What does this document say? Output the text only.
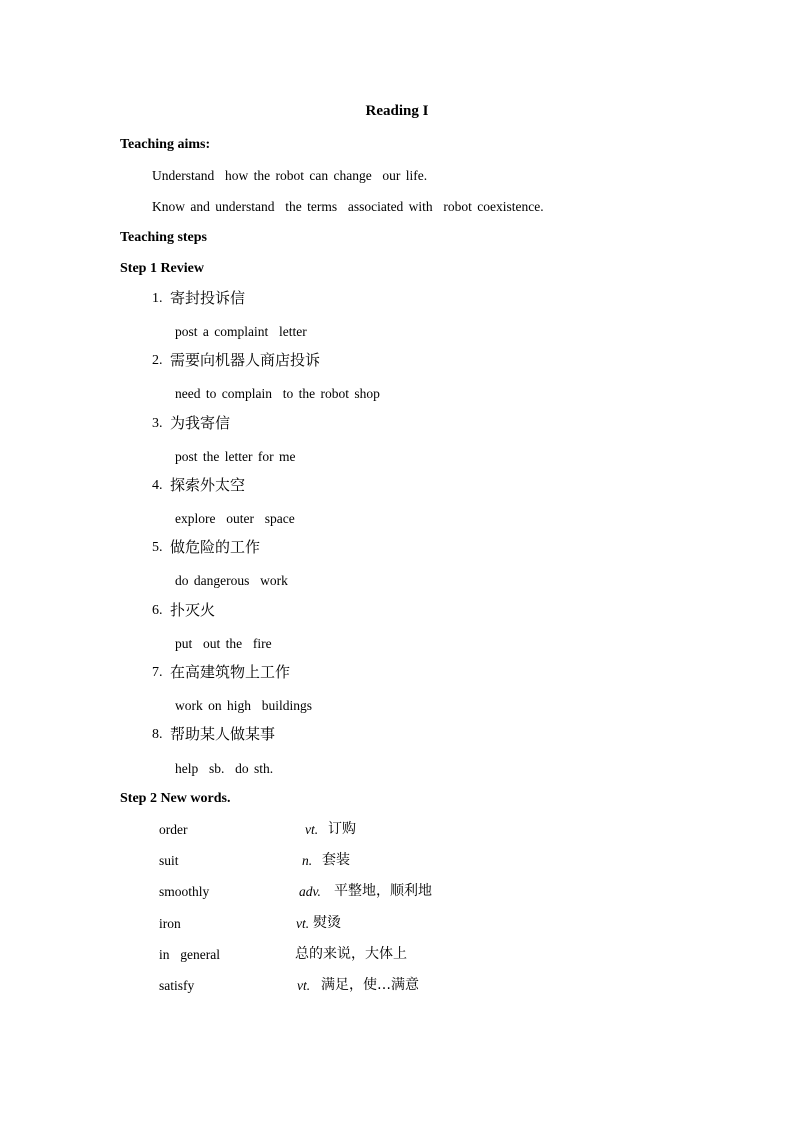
Reading I
Teaching aims:
Understand  how the robot can change  our life.
Know and understand  the terms  associated with  robot coexistence.
Teaching steps
Step 1 Review
1. 寄封投诉信
post a complaint  letter
2. 需要向机器人商店投诉
need to complain  to the robot shop
3. 为我寄信
post the letter for me
4. 探索外太空
explore  outer  space
5. 做危险的工作
do dangerous  work
6. 扑灭火
put  out the  fire
7. 在高建筑物上工作
work on high  buildings
8. 帮助某人做某事
help  sb.  do sth.
Step 2 New words.
order	vt. 订购
suit	n. 套装
smoothly	adv. 平整地，顺利地
iron	vt. 熨烫
in  general	总的来说，大体上
satisfy	vt. 满足，使…满意
